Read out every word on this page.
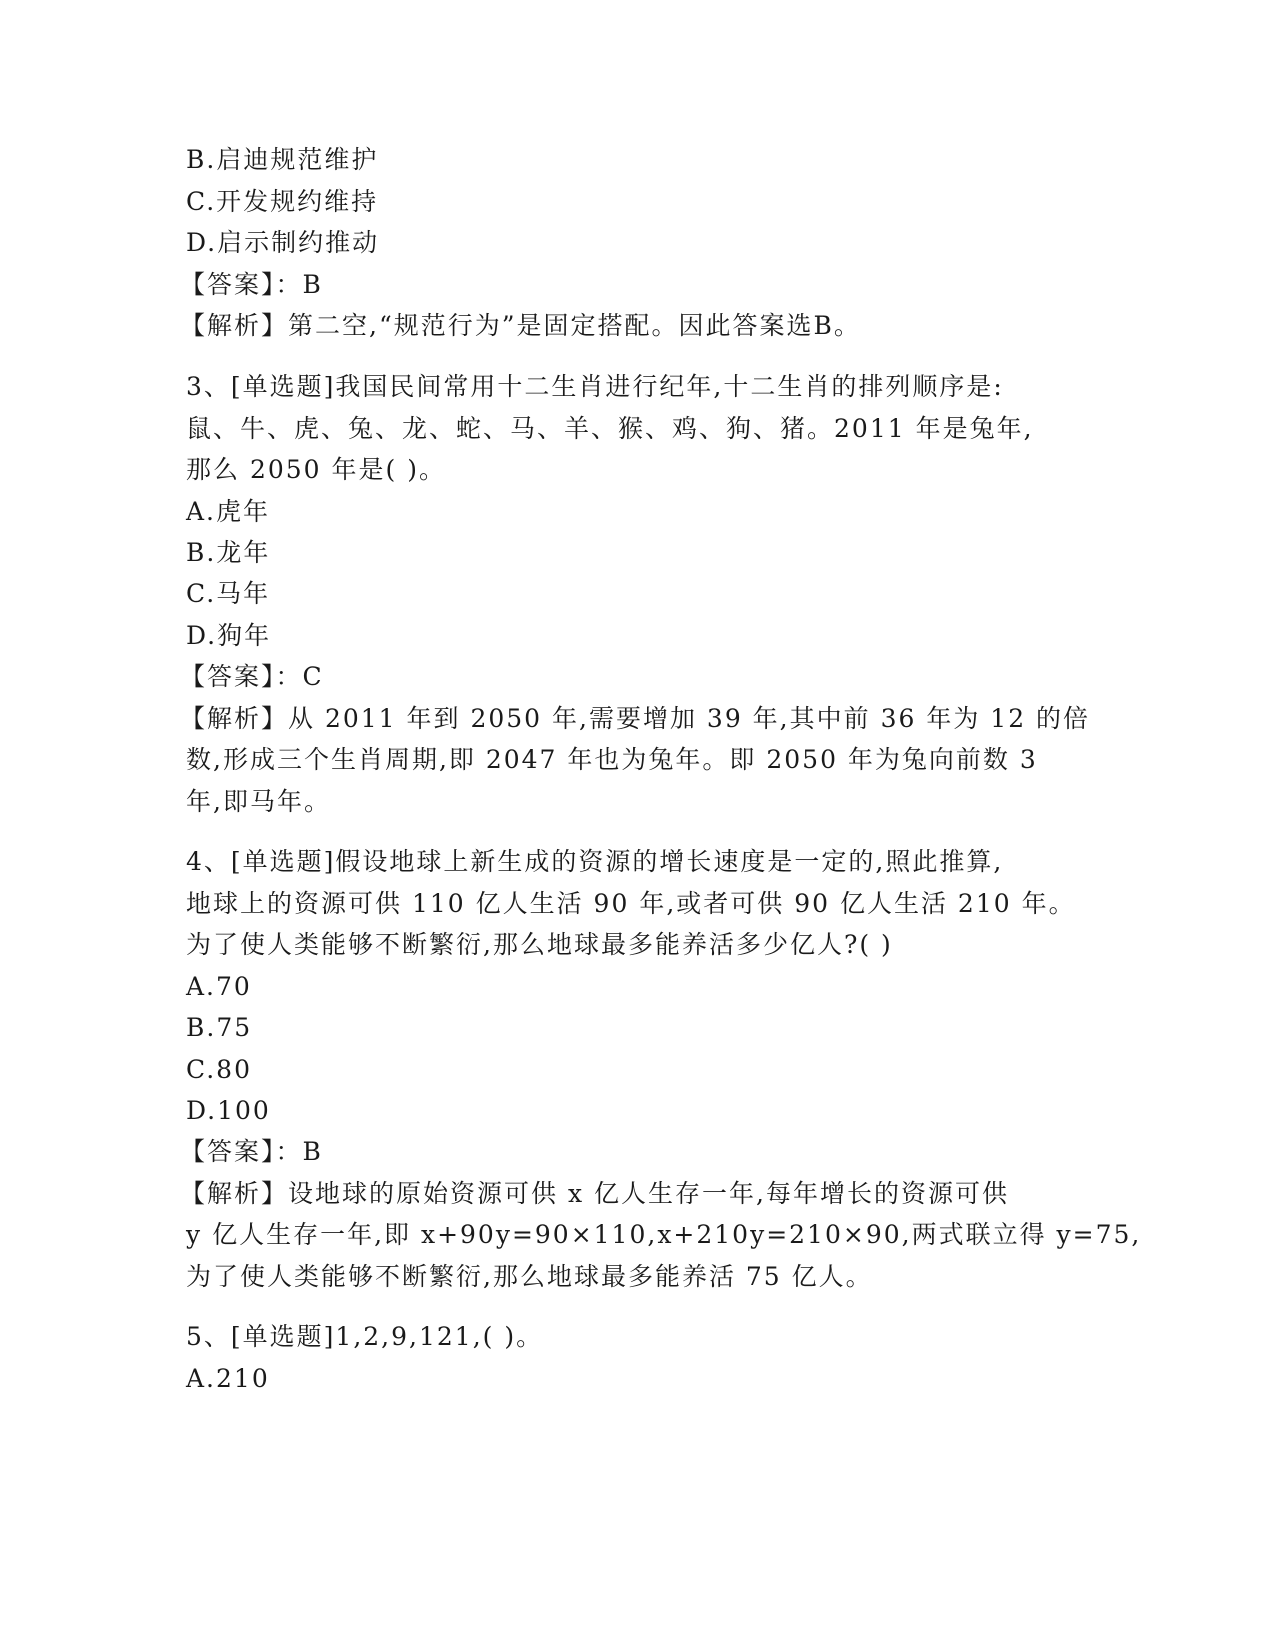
B.启迪规范维护
C.开发规约维持
D.启示制约推动
【答案】：B
【解析】第二空,“规范行为”是固定搭配。因此答案选B。
3、[单选题]我国民间常用十二生肖进行纪年,十二生肖的排列顺序是:
鼠、牛、虎、兔、龙、蛇、马、羊、猴、鸡、狗、猪。2011 年是兔年,
那么 2050 年是( )。
A.虎年
B.龙年
C.马年
D.狗年
【答案】：C
【解析】从 2011 年到 2050 年,需要增加 39 年,其中前 36 年为 12 的倍
数,形成三个生肖周期,即 2047 年也为兔年。即 2050 年为兔向前数 3
年,即马年。
4、[单选题]假设地球上新生成的资源的增长速度是一定的,照此推算,
地球上的资源可供 110 亿人生活 90 年,或者可供 90 亿人生活 210 年。
为了使人类能够不断繁衍,那么地球最多能养活多少亿人?( )
A.70
B.75
C.80
D.100
【答案】：B
【解析】设地球的原始资源可供 x 亿人生存一年,每年增长的资源可供
y 亿人生存一年,即 x+90y=90×110,x+210y=210×90,两式联立得 y=75,
为了使人类能够不断繁衍,那么地球最多能养活 75 亿人。
5、[单选题]1,2,9,121,( )。
A.210
